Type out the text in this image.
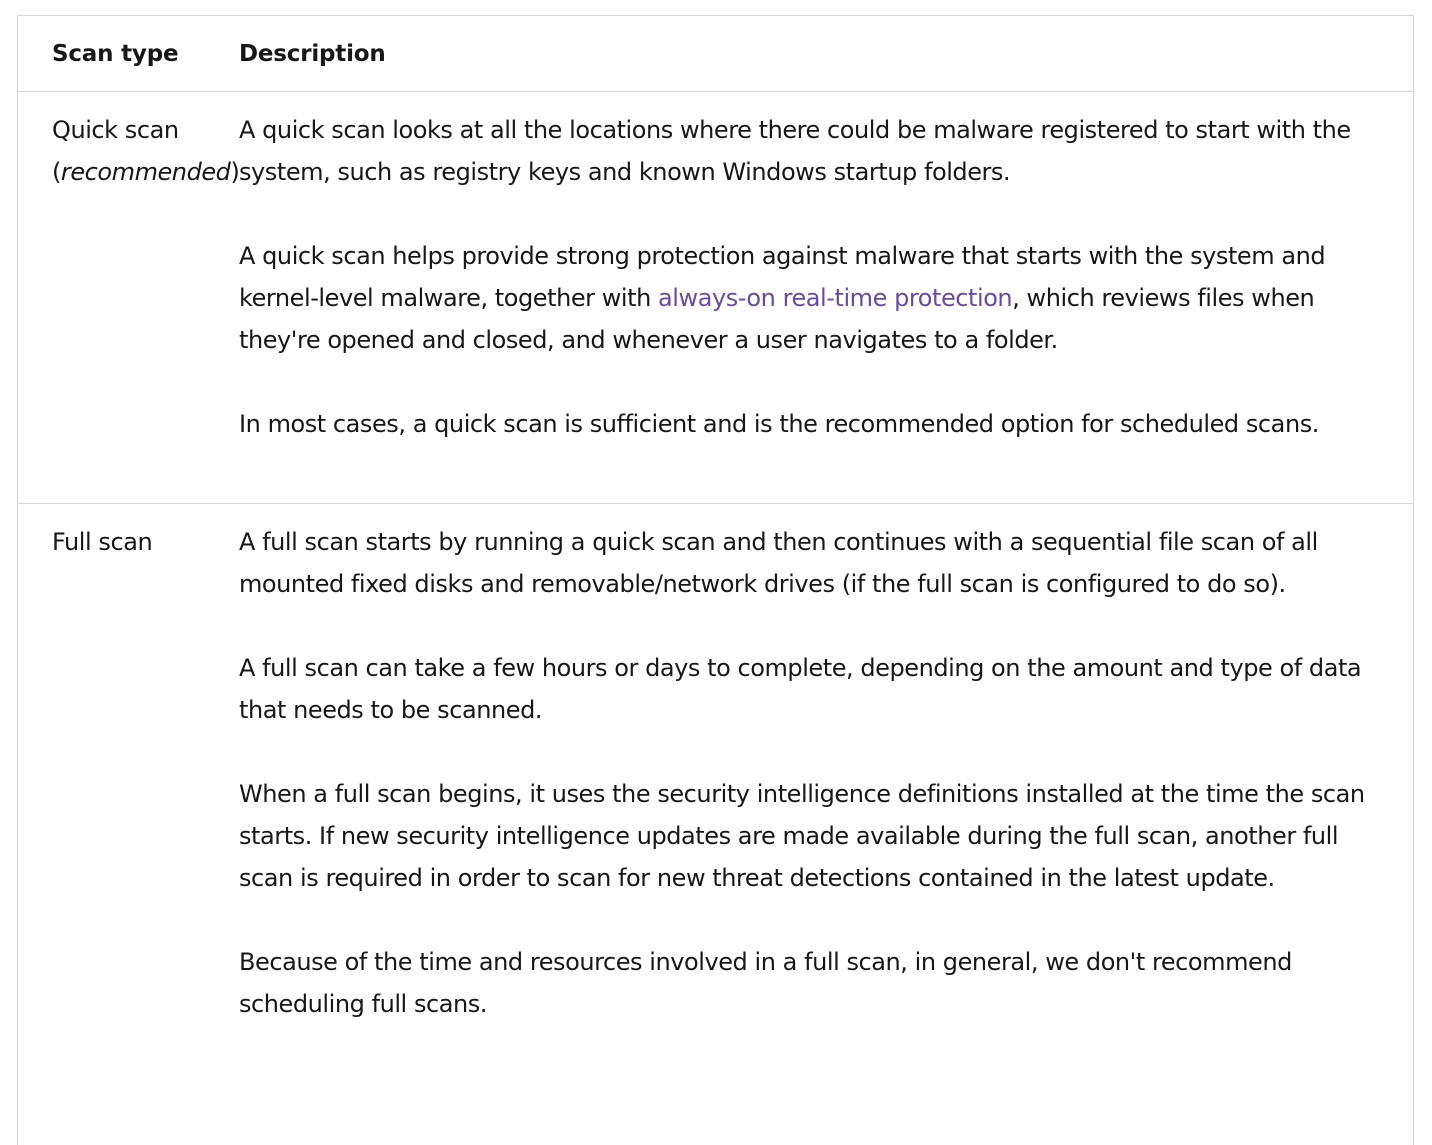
Scan type	Description
Quick scan
(recommended)

A quick scan looks at all the locations where there could be malware registered to start with the system, such as registry keys and known Windows startup folders.

A quick scan helps provide strong protection against malware that starts with the system and kernel-level malware, together with always-on real-time protection, which reviews files when they're opened and closed, and whenever a user navigates to a folder.

In most cases, a quick scan is sufficient and is the recommended option for scheduled scans.

Full scan	A full scan starts by running a quick scan and then continues with a sequential file scan of all mounted fixed disks and removable/network drives (if the full scan is configured to do so).

A full scan can take a few hours or days to complete, depending on the amount and type of data that needs to be scanned.

When a full scan begins, it uses the security intelligence definitions installed at the time the scan starts. If new security intelligence updates are made available during the full scan, another full scan is required in order to scan for new threat detections contained in the latest update.

Because of the time and resources involved in a full scan, in general, we don't recommend scheduling full scans.
